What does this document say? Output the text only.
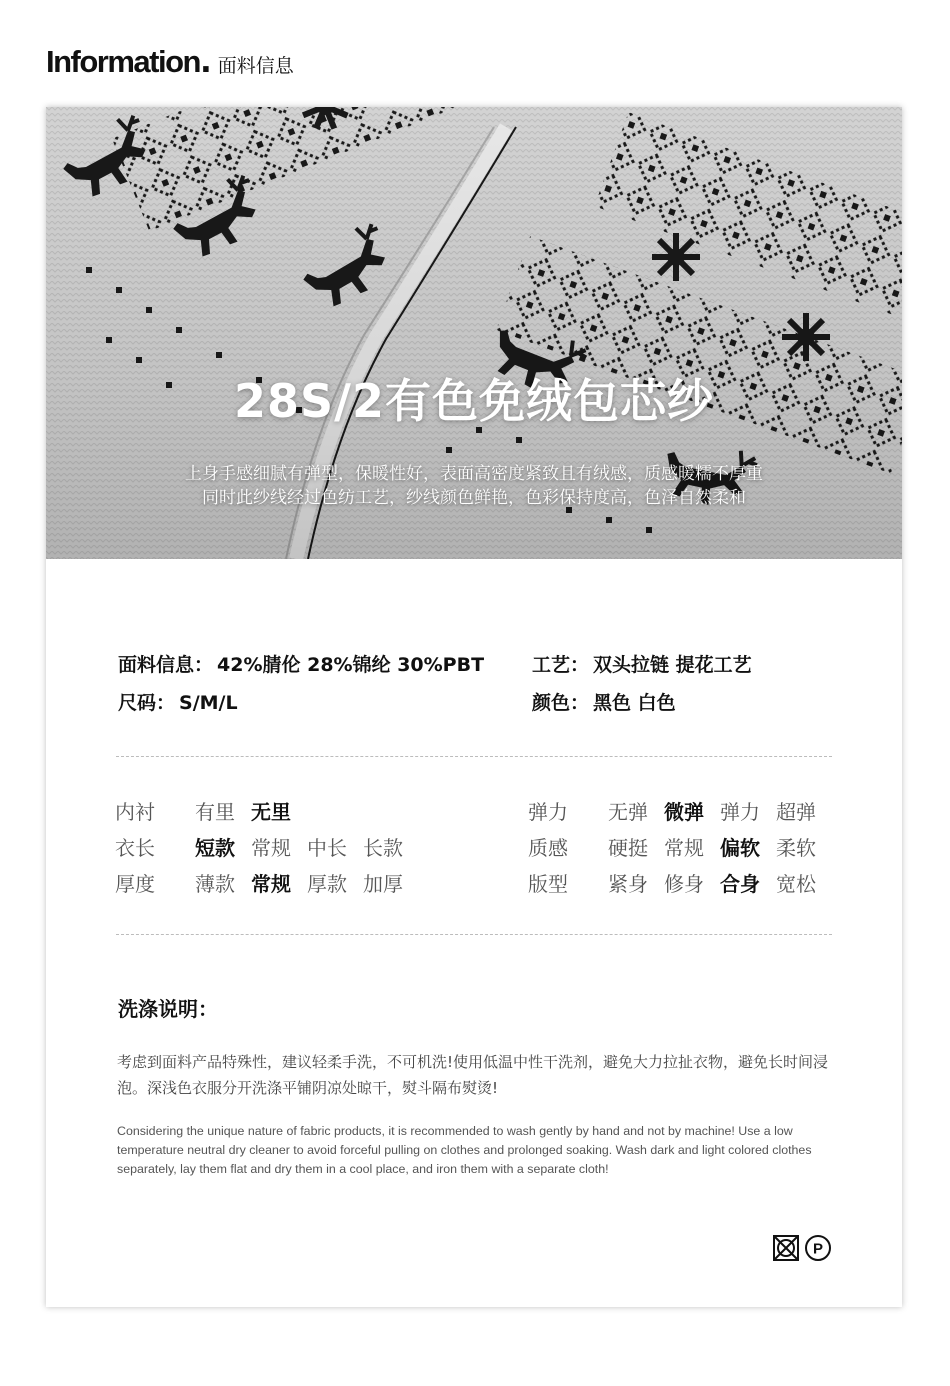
Information . 面料信息
28S/2有色免绒包芯纱
上身手感细腻有弹型，保暖性好，表面高密度紧致且有绒感，质感暖糯不厚重
同时此纱线经过色纺工艺，纱线颜色鲜艳，色彩保持度高，色泽自然柔和
面料信息： 42%腈伦 28%锦纶 30%PBT	工艺： 双头拉链 提花工艺
尺码： S/M/L	颜色： 黑色 白色
内衬 有里 无里
衣长 短款 常规 中长 长款
厚度 薄款 常规 厚款 加厚
弹力 无弹 微弹 弹力 超弹
质感 硬挺 常规 偏软 柔软
版型 紧身 修身 合身 宽松
洗涤说明：
考虑到面料产品特殊性，建议轻柔手洗，不可机洗!使用低温中性干洗剂，避免大力拉扯衣物，避免长时间浸泡。深浅色衣服分开洗涤平铺阴凉处晾干，熨斗隔布熨烫!
Considering the unique nature of fabric products, it is recommended to wash gently by hand and not by machine! Use a low temperature neutral dry cleaner to avoid forceful pulling on clothes and prolonged soaking. Wash dark and light colored clothes separately, lay them flat and dry them in a cool place, and iron them with a separate cloth!
P
